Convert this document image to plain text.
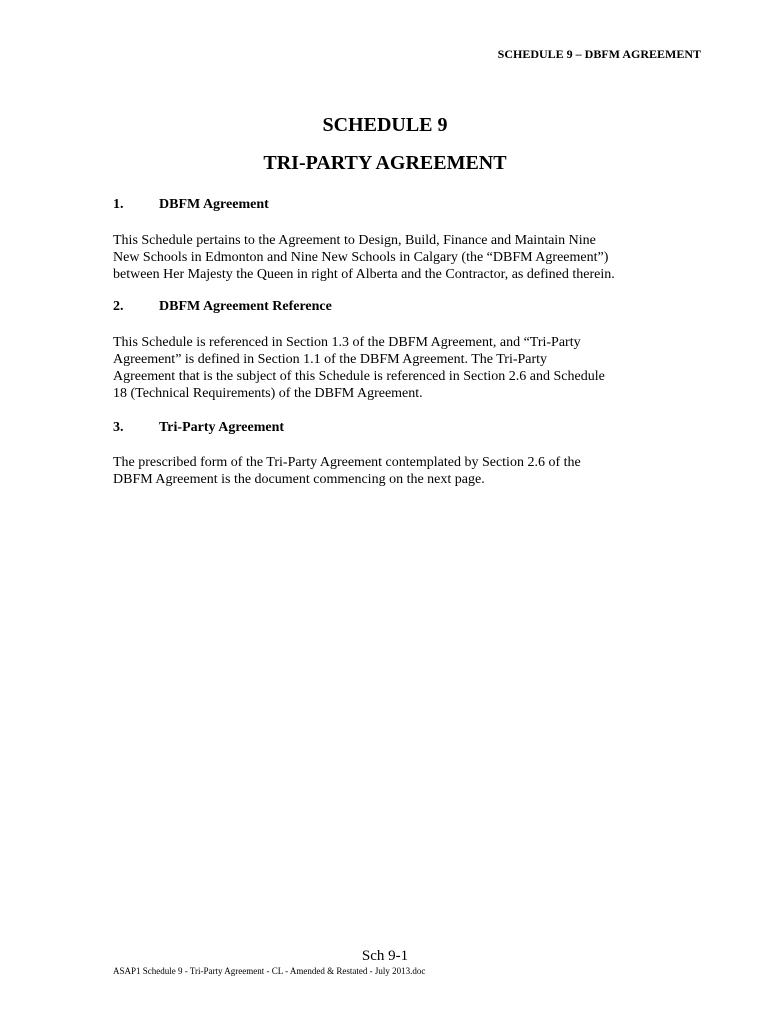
SCHEDULE 9 – DBFM AGREEMENT
SCHEDULE 9
TRI-PARTY AGREEMENT
1.	DBFM Agreement
This Schedule pertains to the Agreement to Design, Build, Finance and Maintain Nine
New Schools in Edmonton and Nine New Schools in Calgary (the “DBFM Agreement”)
between Her Majesty the Queen in right of Alberta and the Contractor, as defined therein.
2.	DBFM Agreement Reference
This Schedule is referenced in Section 1.3 of the DBFM Agreement, and “Tri-Party
Agreement” is defined in Section 1.1 of the DBFM Agreement. The Tri-Party
Agreement that is the subject of this Schedule is referenced in Section 2.6 and Schedule
18 (Technical Requirements) of the DBFM Agreement.
3.	Tri-Party Agreement
The prescribed form of the Tri-Party Agreement contemplated by Section 2.6 of the
DBFM Agreement is the document commencing on the next page.
Sch 9-1
ASAP1 Schedule 9 - Tri-Party Agreement - CL - Amended & Restated - July 2013.doc
